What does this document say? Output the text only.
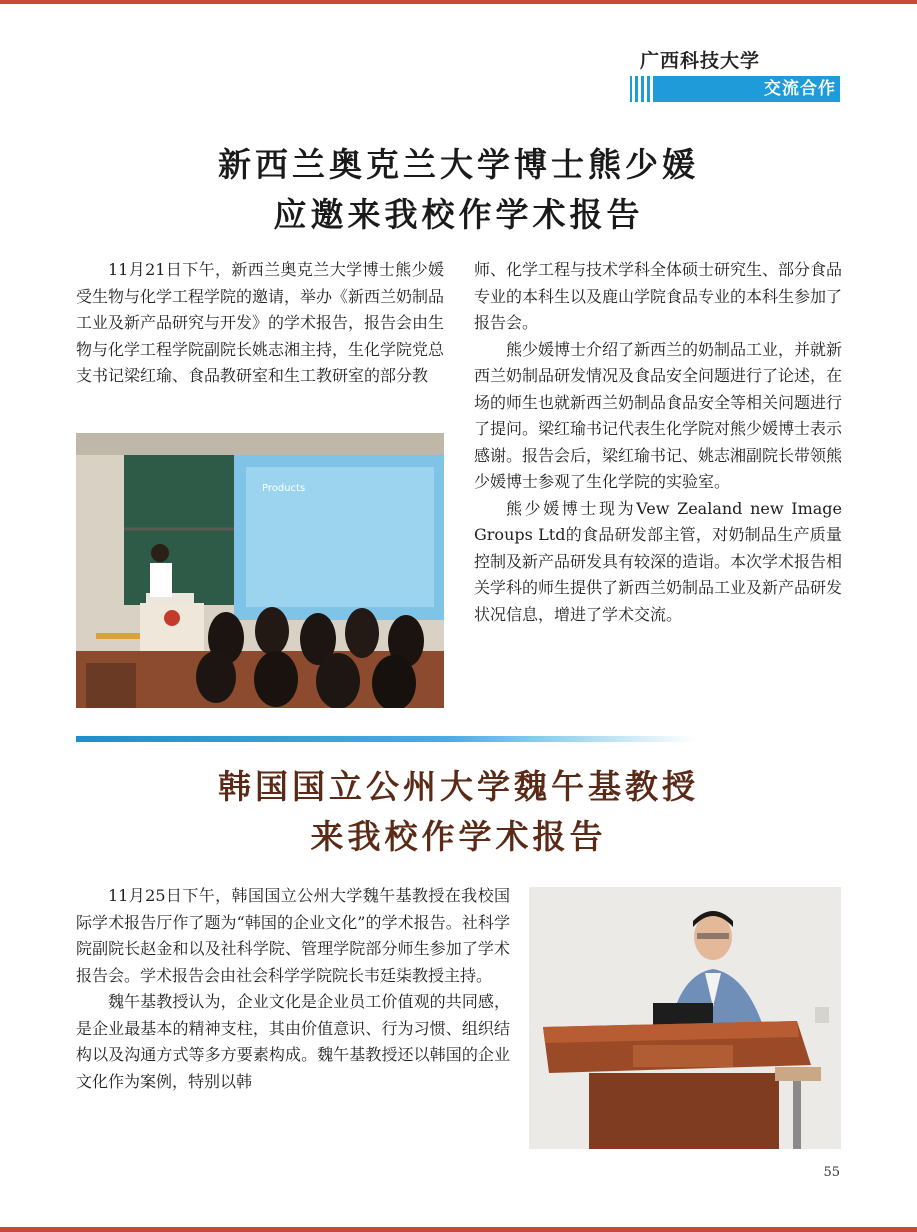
广西科技大学
交流合作
新西兰奥克兰大学博士熊少媛
应邀来我校作学术报告

11月21日下午，新西兰奥克兰大学博士熊少媛受生物与化学工程学院的邀请，举办《新西兰奶制品工业及新产品研究与开发》的学术报告，报告会由生物与化学工程学院副院长姚志湘主持，生化学院党总支书记梁红瑜、食品教研室和生工教研室的部分教

Products

师、化学工程与技术学科全体硕士研究生、部分食品专业的本科生以及鹿山学院食品专业的本科生参加了报告会。

熊少媛博士介绍了新西兰的奶制品工业，并就新西兰奶制品研发情况及食品安全问题进行了论述，在场的师生也就新西兰奶制品食品安全等相关问题进行了提问。梁红瑜书记代表生化学院对熊少媛博士表示感谢。报告会后，梁红瑜书记、姚志湘副院长带领熊少媛博士参观了生化学院的实验室。

熊少媛博士现为Vew Zealand new Image Groups Ltd的食品研发部主管，对奶制品生产质量控制及新产品研发具有较深的造诣。本次学术报告相关学科的师生提供了新西兰奶制品工业及新产品研发状况信息，增进了学术交流。

韩国国立公州大学魏午基教授
来我校作学术报告

11月25日下午，韩国国立公州大学魏午基教授在我校国际学术报告厅作了题为“韩国的企业文化”的学术报告。社科学院副院长赵金和以及社科学院、管理学院部分师生参加了学术报告会。学术报告会由社会科学学院院长韦廷柒教授主持。

魏午基教授认为，企业文化是企业员工价值观的共同感，是企业最基本的精神支柱，其由价值意识、行为习惯、组织结构以及沟通方式等多方要素构成。魏午基教授还以韩国的企业文化作为案例，特别以韩

55
